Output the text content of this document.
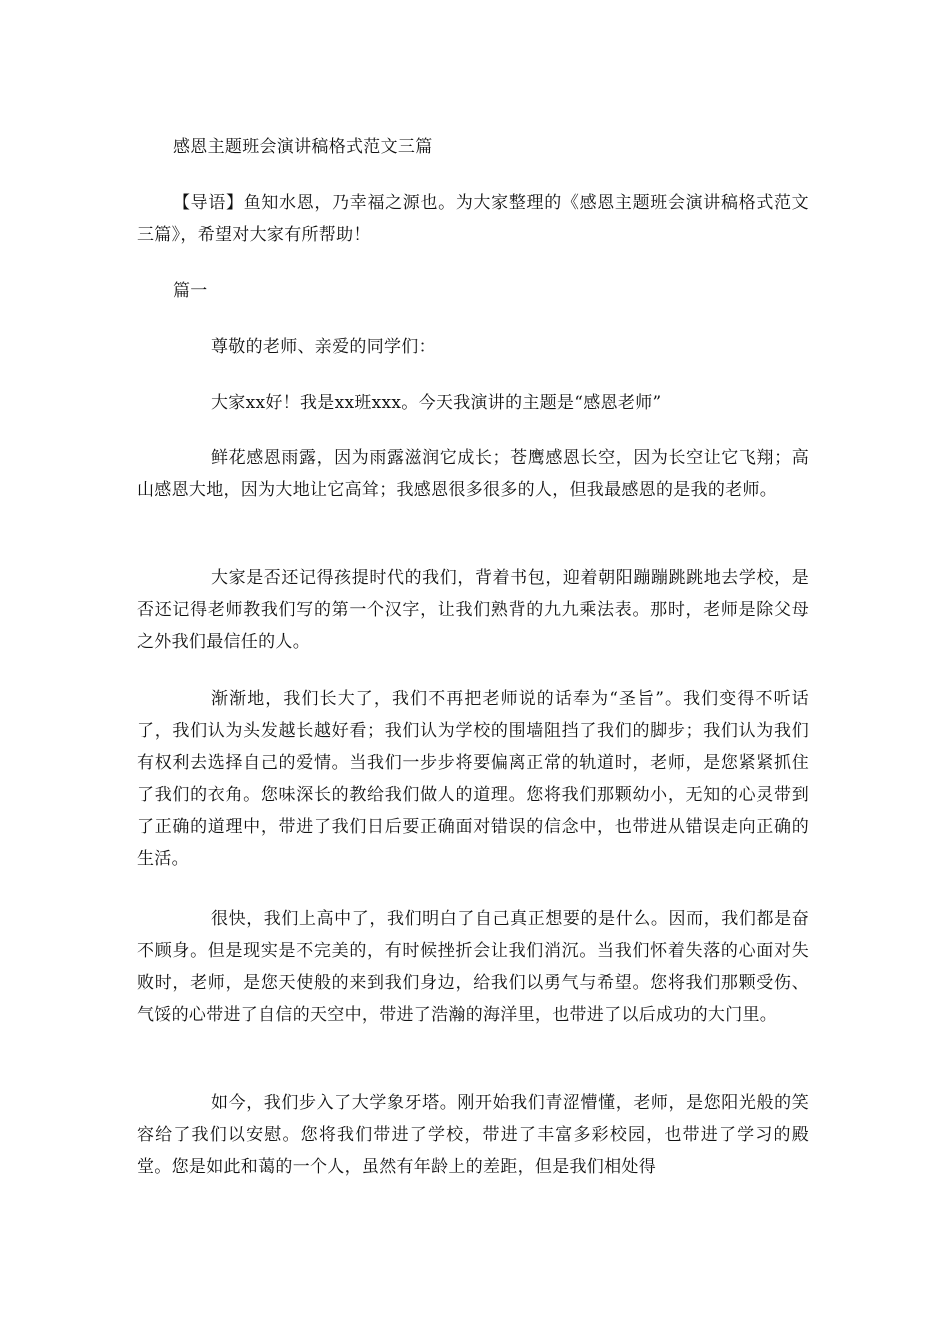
感恩主题班会演讲稿格式范文三篇

【导语】鱼知水恩，乃幸福之源也。为大家整理的《感恩主题班会演讲稿格式范文三篇》，希望对大家有所帮助！

篇一

尊敬的老师、亲爱的同学们：

大家xx好！我是xx班xxx。今天我演讲的主题是“感恩老师”

鲜花感恩雨露，因为雨露滋润它成长；苍鹰感恩长空，因为长空让它飞翔；高山感恩大地，因为大地让它高耸；我感恩很多很多的人，但我最感恩的是我的老师。

大家是否还记得孩提时代的我们，背着书包，迎着朝阳蹦蹦跳跳地去学校，是否还记得老师教我们写的第一个汉字，让我们熟背的九九乘法表。那时，老师是除父母之外我们最信任的人。

渐渐地，我们长大了，我们不再把老师说的话奉为“圣旨”。我们变得不听话了，我们认为头发越长越好看；我们认为学校的围墙阻挡了我们的脚步；我们认为我们有权利去选择自己的爱情。当我们一步步将要偏离正常的轨道时，老师，是您紧紧抓住了我们的衣角。您味深长的教给我们做人的道理。您将我们那颗幼小，无知的心灵带到了正确的道理中，带进了我们日后要正确面对错误的信念中，也带进从错误走向正确的生活。

很快，我们上高中了，我们明白了自己真正想要的是什么。因而，我们都是奋不顾身。但是现实是不完美的，有时候挫折会让我们消沉。当我们怀着失落的心面对失败时，老师，是您天使般的来到我们身边，给我们以勇气与希望。您将我们那颗受伤、气馁的心带进了自信的天空中，带进了浩瀚的海洋里，也带进了以后成功的大门里。

如今，我们步入了大学象牙塔。刚开始我们青涩懵懂，老师，是您阳光般的笑容给了我们以安慰。您将我们带进了学校，带进了丰富多彩校园，也带进了学习的殿堂。您是如此和蔼的一个人，虽然有年龄上的差距，但是我们相处得
